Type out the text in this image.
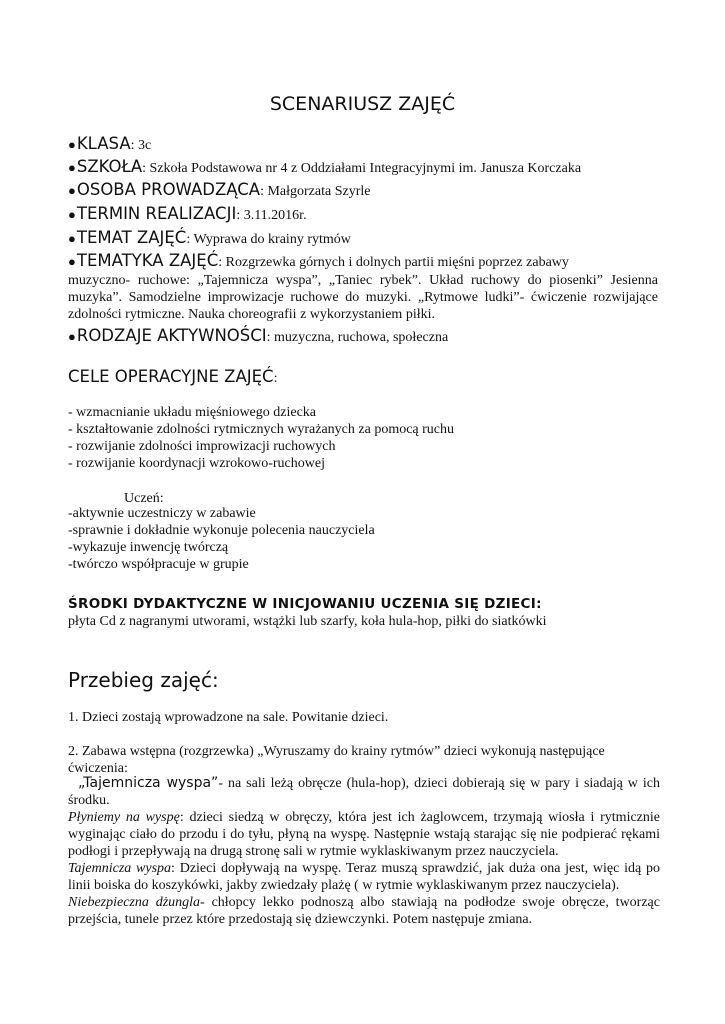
SCENARIUSZ ZAJĘĆ
●KLASA: 3c
●SZKOŁA: Szkoła Podstawowa nr 4 z Oddziałami Integracyjnymi im. Janusza Korczaka
●OSOBA PROWADZĄCA: Małgorzata Szyrle
●TERMIN REALIZACJI: 3.11.2016r.
●TEMAT ZAJĘĆ: Wyprawa do krainy rytmów
●TEMATYKA ZAJĘĆ: Rozgrzewka górnych i dolnych partii mięśni poprzez zabawy
muzyczno- ruchowe: „Tajemnicza wyspa”, „Taniec rybek”. Układ ruchowy do piosenki” Jesienna muzyka”. Samodzielne improwizacje ruchowe do muzyki. „Rytmowe ludki”- ćwiczenie rozwijające zdolności rytmiczne. Nauka choreografii z wykorzystaniem piłki.
●RODZAJE AKTYWNOŚCI: muzyczna, ruchowa, społeczna
CELE OPERACYJNE ZAJĘĆ:
- wzmacnianie układu mięśniowego dziecka
- kształtowanie zdolności rytmicznych wyrażanych za pomocą ruchu
- rozwijanie zdolności improwizacji ruchowych
- rozwijanie koordynacji wzrokowo-ruchowej
Uczeń:
-aktywnie uczestniczy w zabawie
-sprawnie i dokładnie wykonuje polecenia nauczyciela
-wykazuje inwencję twórczą
-twórczo współpracuje w grupie
ŚRODKI DYDAKTYCZNE W INICJOWANIU UCZENIA SIĘ DZIECI:
płyta Cd z nagranymi utworami, wstążki lub szarfy, koła hula-hop, piłki do siatkówki
Przebieg zajęć:
1. Dzieci zostają wprowadzone na sale. Powitanie dzieci.
2. Zabawa wstępna (rozgrzewka) „Wyruszamy do krainy rytmów” dzieci wykonują następujące ćwiczenia:
„Tajemnicza wyspa”- na sali leżą obręcze (hula-hop), dzieci dobierają się w pary i siadają w ich środku.
Płyniemy na wyspę: dzieci siedzą w obręczy, która jest ich żaglowcem, trzymają wiosła i rytmicznie wyginając ciało do przodu i do tyłu, płyną na wyspę. Następnie wstają starając się nie podpierać rękami podłogi i przepływają na drugą stronę sali w rytmie wyklaskiwanym przez nauczyciela.
Tajemnicza wyspa: Dzieci dopływają na wyspę. Teraz muszą sprawdzić, jak duża ona jest, więc idą po linii boiska do koszykówki, jakby zwiedzały plażę ( w rytmie wyklaskiwanym przez nauczyciela).
Niebezpieczna dżungla- chłopcy lekko podnoszą albo stawiają na podłodze swoje obręcze, tworząc przejścia, tunele przez które przedostają się dziewczynki. Potem następuje zmiana.
